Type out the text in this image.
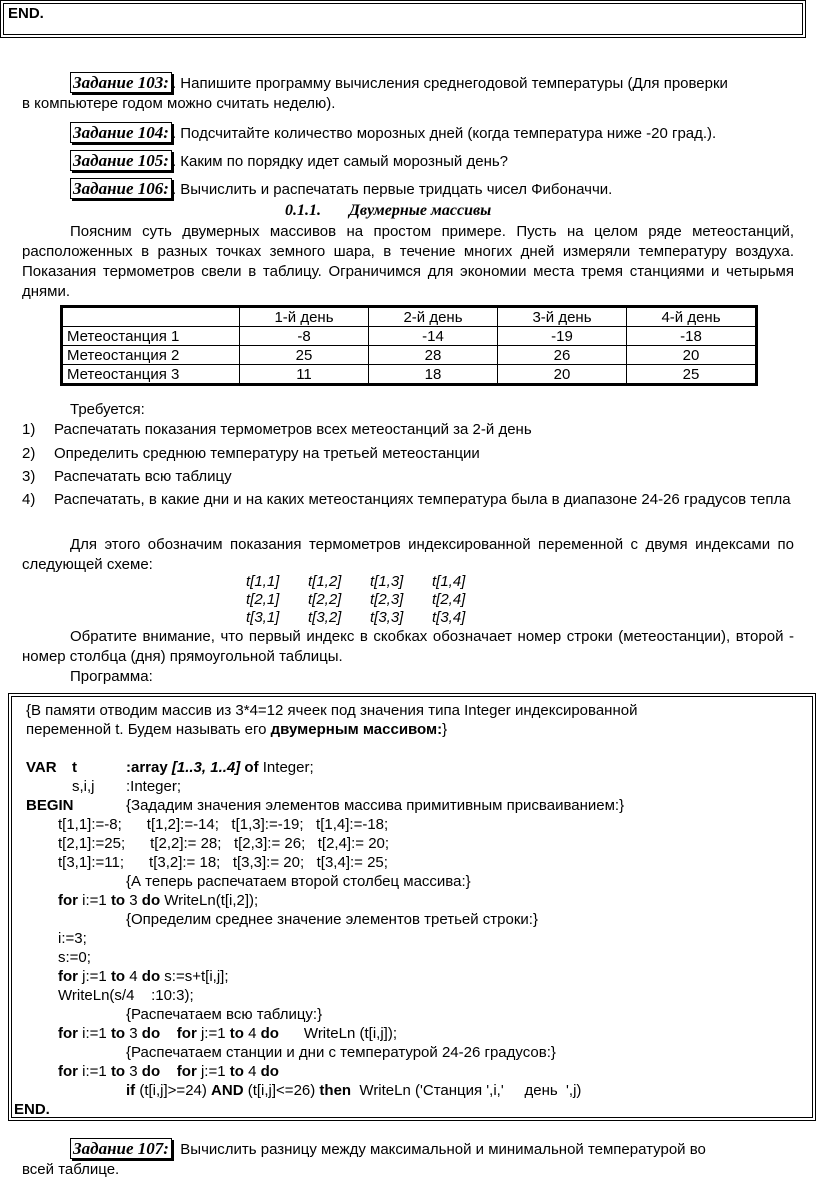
END.
Задание 103: . Напишите программу вычисления среднегодовой температуры (Для проверки
в компьютере годом можно считать неделю).
Задание 104: . Подсчитайте количество морозных дней (когда температура ниже -20 град.).
Задание 105: . Каким по порядку идет самый морозный день?
Задание 106: . Вычислить и распечатать первые тридцать чисел Фибоначчи.
0.1.1. Двумерные массивы
Поясним суть двумерных массивов на простом примере. Пусть на целом ряде метеостанций, расположенных в разных точках земного шара, в течение многих дней измеряли температуру воздуха. Показания термометров свели в таблицу. Ограничимся для экономии места тремя станциями и четырьмя днями.
	1-й день	2-й день	3-й день	4-й день
Метеостанция 1	-8	-14	-19	-18
Метеостанция 2	25	28	26	20
Метеостанция 3	11	18	20	25
Требуется:
1) Распечатать показания термометров всех метеостанций за 2-й день
2) Определить среднюю температуру на третьей метеостанции
3) Распечатать всю таблицу
4) Распечатать, в какие дни и на каких метеостанциях температура была в диапазоне 24-26 градусов тепла
Для этого обозначим показания термометров индексированной переменной с двумя индексами по следующей схеме:
t[1,1] t[1,2] t[1,3] t[1,4]
t[2,1] t[2,2] t[2,3] t[2,4]
t[3,1] t[3,2] t[3,3] t[3,4]
Обратите внимание, что первый индекс в скобках обозначает номер строки (метеостанции), второй - номер столбца (дня) прямоугольной таблицы.
Программа:
{В памяти отводим массив из 3*4=12 ячеек под значения типа Integer индексированной
переменной t. Будем называть его двумерным массивом:}
VAR t	:array [1..3, 1..4] of Integer;
s,i,j :Integer;
BEGIN	{Зададим значения элементов массива примитивным присваиванием:}
t[1,1]:=-8;      t[1,2]:=-14;   t[1,3]:=-19;   t[1,4]:=-18;
t[2,1]:=25;      t[2,2]:= 28;   t[2,3]:= 26;   t[2,4]:= 20;
t[3,1]:=11;      t[3,2]:= 18;   t[3,3]:= 20;   t[3,4]:= 25;
{А теперь распечатаем второй столбец массива:}
for i:=1 to 3 do WriteLn(t[i,2]);
{Определим среднее значение элементов третьей строки:}
i:=3;
s:=0;
for j:=1 to 4 do s:=s+t[i,j];
WriteLn(s/4    :10:3);
{Распечатаем всю таблицу:}
for i:=1 to 3 do for j:=1 to 4 do      WriteLn (t[i,j]);
{Распечатаем станции и дни с температурой 24-26 градусов:}
for i:=1 to 3 do for j:=1 to 4 do
if (t[i,j]>=24) AND (t[i,j]<=26) then  WriteLn ('Станция ',i,'     день  ',j)
END.
Задание 107: Вычислить разницу между максимальной и минимальной температурой во
всей таблице.
